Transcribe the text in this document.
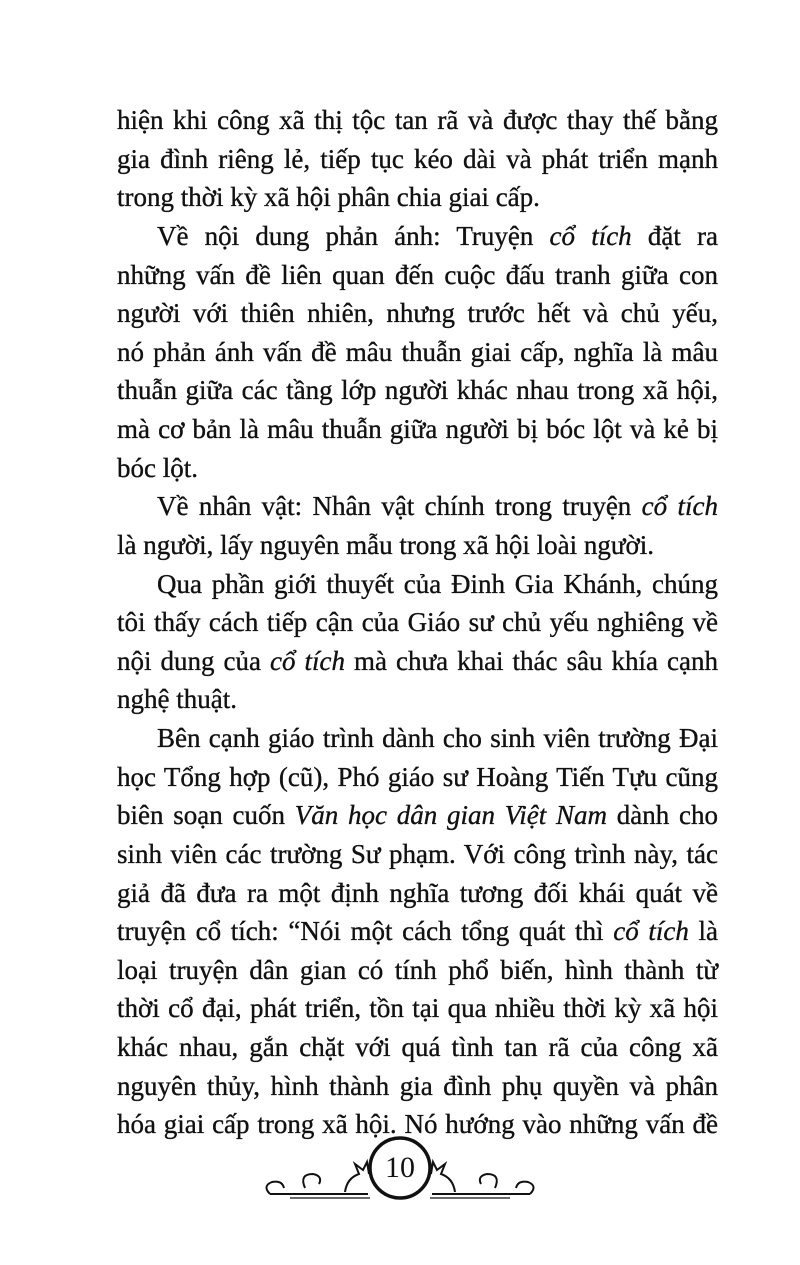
hiện khi công xã thị tộc tan rã và được thay thế bằng
gia đình riêng lẻ, tiếp tục kéo dài và phát triển mạnh
trong thời kỳ xã hội phân chia giai cấp.
Về nội dung phản ánh: Truyện cổ tích đặt ra
những vấn đề liên quan đến cuộc đấu tranh giữa con
người với thiên nhiên, nhưng trước hết và chủ yếu,
nó phản ánh vấn đề mâu thuẫn giai cấp, nghĩa là mâu
thuẫn giữa các tầng lớp người khác nhau trong xã hội,
mà cơ bản là mâu thuẫn giữa người bị bóc lột và kẻ bị
bóc lột.
Về nhân vật: Nhân vật chính trong truyện cổ tích
là người, lấy nguyên mẫu trong xã hội loài người.
Qua phần giới thuyết của Đinh Gia Khánh, chúng
tôi thấy cách tiếp cận của Giáo sư chủ yếu nghiêng về
nội dung của cổ tích mà chưa khai thác sâu khía cạnh
nghệ thuật.
Bên cạnh giáo trình dành cho sinh viên trường Đại
học Tổng hợp (cũ), Phó giáo sư Hoàng Tiến Tựu cũng
biên soạn cuốn Văn học dân gian Việt Nam dành cho
sinh viên các trường Sư phạm. Với công trình này, tác
giả đã đưa ra một định nghĩa tương đối khái quát về
truyện cổ tích: “Nói một cách tổng quát thì cổ tích là
loại truyện dân gian có tính phổ biến, hình thành từ
thời cổ đại, phát triển, tồn tại qua nhiều thời kỳ xã hội
khác nhau, gắn chặt với quá tình tan rã của công xã
nguyên thủy, hình thành gia đình phụ quyền và phân
hóa giai cấp trong xã hội. Nó hướng vào những vấn đề
10
